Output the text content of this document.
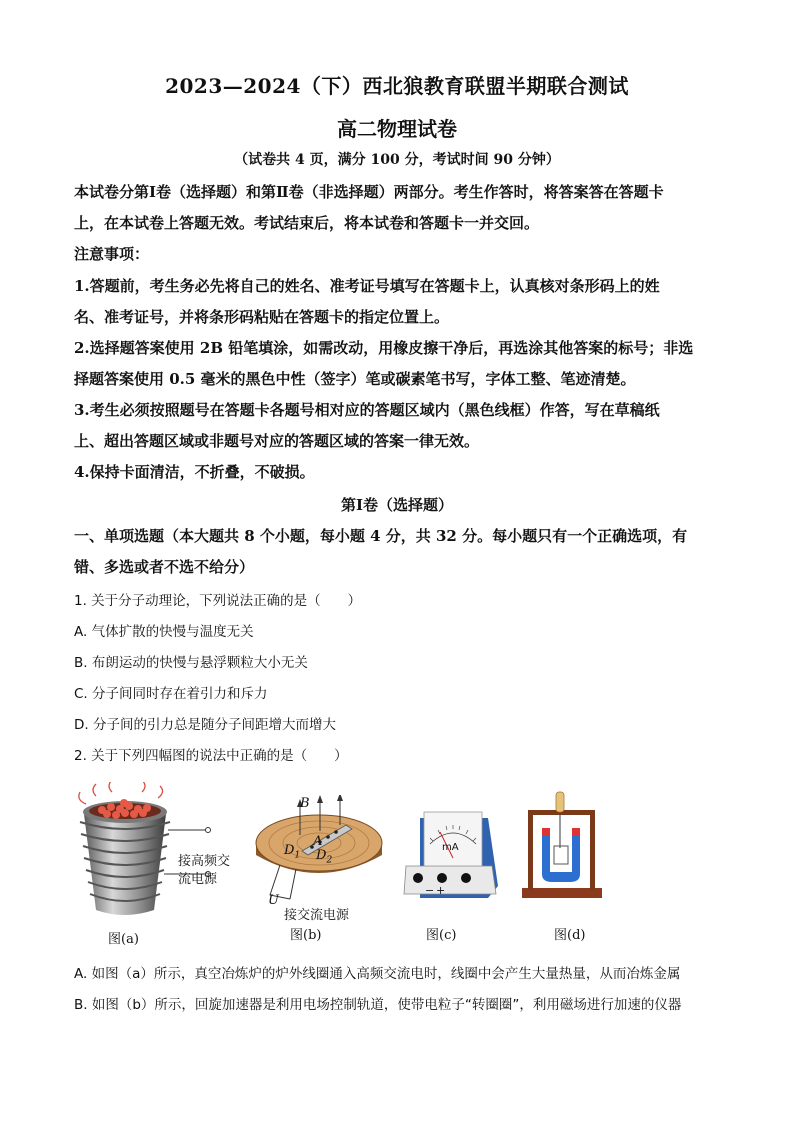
2023—2024（下）西北狼教育联盟半期联合测试
高二物理试卷
（试卷共 4 页，满分 100 分，考试时间 90 分钟）
本试卷分第Ⅰ卷（选择题）和第Ⅱ卷（非选择题）两部分。考生作答时，将答案答在答题卡
上，在本试卷上答题无效。考试结束后，将本试卷和答题卡一并交回。
注意事项：
1.答题前，考生务必先将自己的姓名、准考证号填写在答题卡上，认真核对条形码上的姓
名、准考证号，并将条形码粘贴在答题卡的指定位置上。
2.选择题答案使用 2B 铅笔填涂，如需改动，用橡皮擦干净后，再选涂其他答案的标号；非选
择题答案使用 0.5 毫米的黑色中性（签字）笔或碳素笔书写，字体工整、笔迹清楚。
3.考生必须按照题号在答题卡各题号相对应的答题区域内（黑色线框）作答，写在草稿纸
上、超出答题区域或非题号对应的答题区域的答案一律无效。
4.保持卡面清洁，不折叠，不破损。
第Ⅰ卷（选择题）
一、单项选题（本大题共 8 个小题，每小题 4 分，共 32 分。每小题只有一个正确选项，有
错、多选或者不选不给分）
1. 关于分子动理论，下列说法正确的是（　　）
A. 气体扩散的快慢与温度无关
B. 布朗运动的快慢与悬浮颗粒大小无关
C. 分子间同时存在着引力和斥力
D. 分子间的引力总是随分子间距增大而增大
2. 关于下列四幅图的说法中正确的是（　　）
接高频交
流电源
图(a)
B
A
$D_1$ $D_2$
U
接交流电源
图(b)
mA
− +
图(c)	图(d)
A. 如图（a）所示，真空冶炼炉的炉外线圈通入高频交流电时，线圈中会产生大量热量，从而冶炼金属
B. 如图（b）所示，回旋加速器是利用电场控制轨道，使带电粒子“转圈圈”，利用磁场进行加速的仪器
